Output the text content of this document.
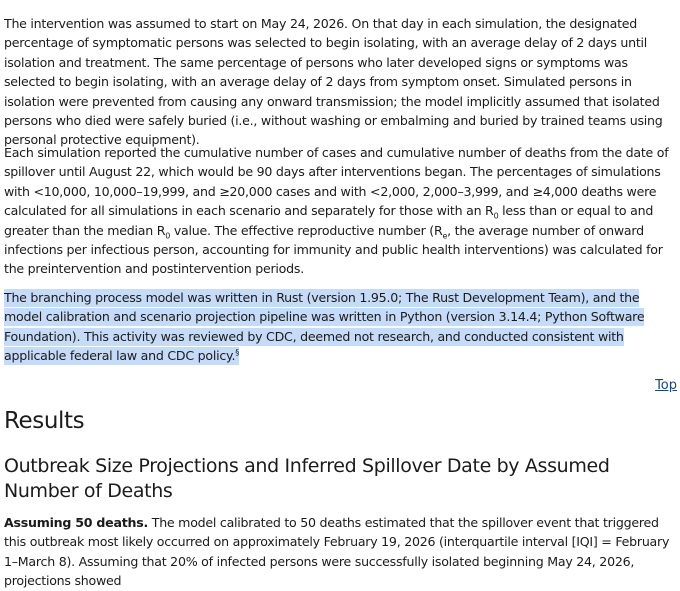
The intervention was assumed to start on May 24, 2026. On that day in each simulation, the designated percentage of symptomatic persons was selected to begin isolating, with an average delay of 2 days until isolation and treatment. The same percentage of persons who later developed signs or symptoms was selected to begin isolating, with an average delay of 2 days from symptom onset. Simulated persons in isolation were prevented from causing any onward transmission; the model implicitly assumed that isolated persons who died were safely buried (i.e., without washing or embalming and buried by trained teams using personal protective equipment).

Each simulation reported the cumulative number of cases and cumulative number of deaths from the date of spillover until August 22, which would be 90 days after interventions began. The percentages of simulations with <10,000, 10,000–19,999, and ≥20,000 cases and with <2,000, 2,000–3,999, and ≥4,000 deaths were calculated for all simulations in each scenario and separately for those with an $R_0$ less than or equal to and greater than the median $R_0$ value. The effective reproductive number ($R_e$, the average number of onward infections per infectious person, accounting for immunity and public health interventions) was calculated for the preintervention and postintervention periods.

The branching process model was written in Rust (version 1.95.0; The Rust Development Team), and the model calibration and scenario projection pipeline was written in Python (version 3.14.4; Python Software Foundation). This activity was reviewed by CDC, deemed not research, and conducted consistent with applicable federal law and CDC policy.§

Top
Results
Outbreak Size Projections and Inferred Spillover Date by Assumed Number of Deaths

Assuming 50 deaths. The model calibrated to 50 deaths estimated that the spillover event that triggered this outbreak most likely occurred on approximately February 19, 2026 (interquartile interval [IQI] = February 1–March 8). Assuming that 20% of infected persons were successfully isolated beginning May 24, 2026, projections showed
